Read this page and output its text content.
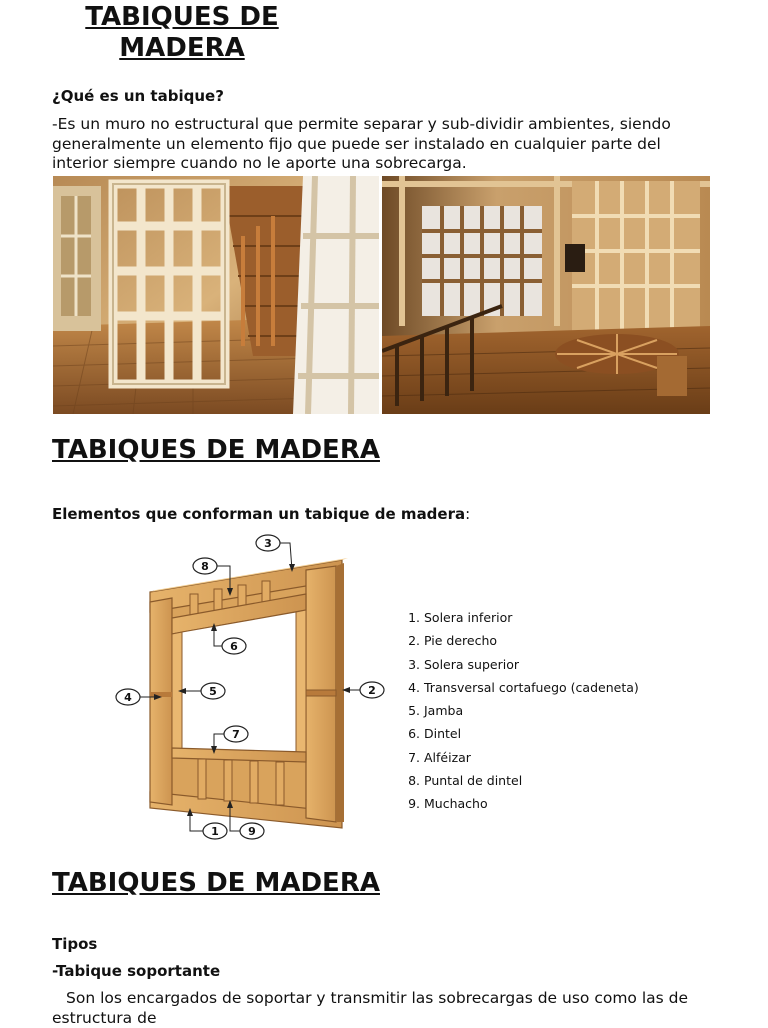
TABIQUES DE MADERA
¿Qué es un tabique?
-Es un muro no estructural que permite separar y sub-dividir ambientes, siendo generalmente un elemento fijo que puede ser instalado en cualquier parte del interior siempre cuando no le aporte una sobrecarga.
TABIQUES DE MADERA
Elementos que conforman un tabique de madera:
1
2
3
4	5
6
7
8
9
1. Solera inferior
2. Pie derecho
3. Solera superior
4. Transversal cortafuego (cadeneta)
5. Jamba
6. Dintel
7. Alféizar
8. Puntal de dintel
9. Muchacho
TABIQUES DE MADERA
Tipos
-Tabique soportante
Son los encargados de soportar y transmitir las sobrecargas de uso como las de estructura de
